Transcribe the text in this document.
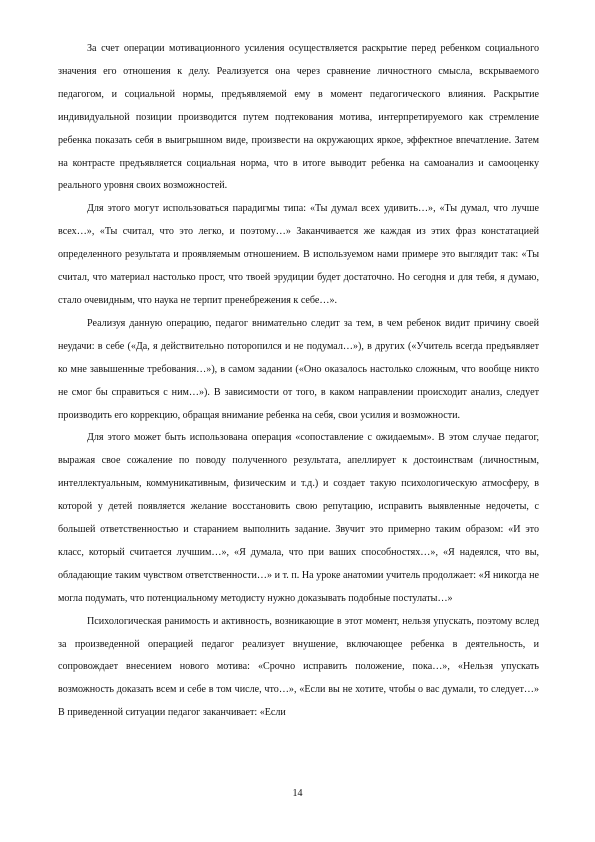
За счет операции мотивационного усиления осуществляется раскрытие перед ребенком социального значения его отношения к делу. Реализуется она через сравнение личностного смысла, вскрываемого педагогом, и социальной нормы, предъявляемой ему в момент педагогического влияния. Раскрытие индивидуальной позиции производится путем подтекования мотива, интерпретируемого как стремление ребенка показать себя в выигрышном виде, произвести на окружающих яркое, эффектное впечатление. Затем на контрасте предъявляется социальная норма, что в итоге выводит ребенка на самоанализ и самооценку реального уровня своих возможностей.

Для этого могут использоваться парадигмы типа: «Ты думал всех удивить…», «Ты думал, что лучше всех…», «Ты считал, что это легко, и поэтому…» Заканчивается же каждая из этих фраз констатацией определенного результата и проявляемым отношением. В используемом нами примере это выглядит так: «Ты считал, что материал настолько прост, что твоей эрудиции будет достаточно. Но сегодня и для тебя, я думаю, стало очевидным, что наука не терпит пренебрежения к себе…».

Реализуя данную операцию, педагог внимательно следит за тем, в чем ребенок видит причину своей неудачи: в себе («Да, я действительно поторопился и не подумал…»), в других («Учитель всегда предъявляет ко мне завышенные требования…»), в самом задании («Оно оказалось настолько сложным, что вообще никто не смог бы справиться с ним…»). В зависимости от того, в каком направлении происходит анализ, следует производить его коррекцию, обращая внимание ребенка на себя, свои усилия и возможности.

Для этого может быть использована операция «сопоставление с ожидаемым». В этом случае педагог, выражая свое сожаление по поводу полученного результата, апеллирует к достоинствам (личностным, интеллектуальным, коммуникативным, физическим и т.д.) и создает такую психологическую атмосферу, в которой у детей появляется желание восстановить свою репутацию, исправить выявленные недочеты, с большей ответственностью и старанием выполнить задание. Звучит это примерно таким образом: «И это класс, который считается лучшим…», «Я думала, что при ваших способностях…», «Я надеялся, что вы, обладающие таким чувством ответственности…» и т. п. На уроке анатомии учитель продолжает: «Я никогда не могла подумать, что потенциальному методисту нужно доказывать подобные постулаты…»

Психологическая ранимость и активность, возникающие в этот момент, нельзя упускать, поэтому вслед за произведенной операцией педагог реализует внушение, включающее ребенка в деятельность, и сопровождает внесением нового мотива: «Срочно исправить положение, пока…», «Нельзя упускать возможность доказать всем и себе в том числе, что…», «Если вы не хотите, чтобы о вас думали, то следует…» В приведенной ситуации педагог заканчивает: «Если

14
